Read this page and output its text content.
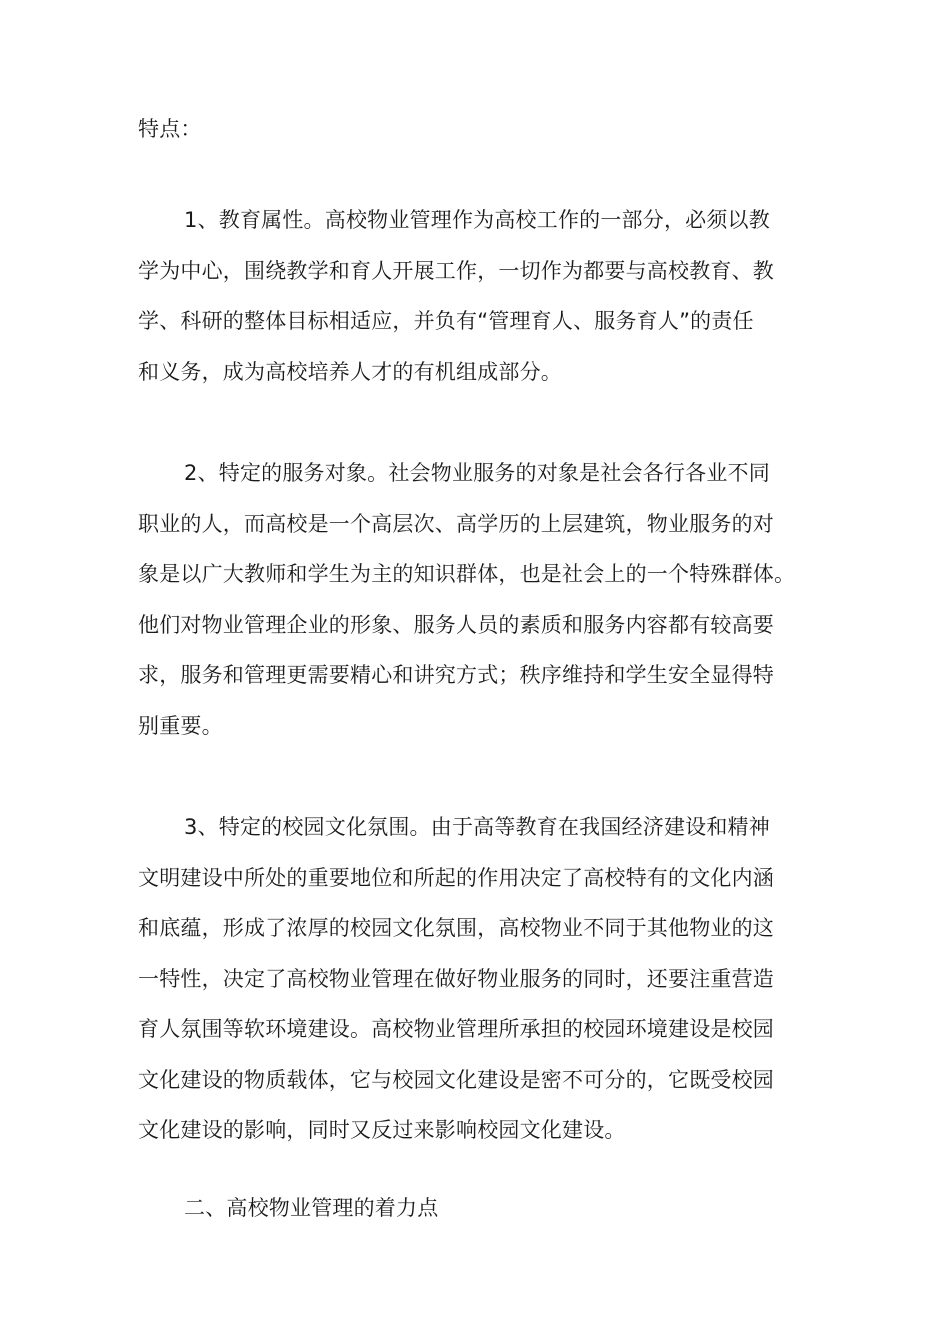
特点：
1、教育属性。高校物业管理作为高校工作的一部分，必须以教
学为中心，围绕教学和育人开展工作，一切作为都要与高校教育、教
学、科研的整体目标相适应，并负有“管理育人、服务育人”的责任
和义务，成为高校培养人才的有机组成部分。
2、特定的服务对象。社会物业服务的对象是社会各行各业不同
职业的人，而高校是一个高层次、高学历的上层建筑，物业服务的对
象是以广大教师和学生为主的知识群体，也是社会上的一个特殊群体。
他们对物业管理企业的形象、服务人员的素质和服务内容都有较高要
求，服务和管理更需要精心和讲究方式；秩序维持和学生安全显得特
别重要。
3、特定的校园文化氛围。由于高等教育在我国经济建设和精神
文明建设中所处的重要地位和所起的作用决定了高校特有的文化内涵
和底蕴，形成了浓厚的校园文化氛围，高校物业不同于其他物业的这
一特性，决定了高校物业管理在做好物业服务的同时，还要注重营造
育人氛围等软环境建设。高校物业管理所承担的校园环境建设是校园
文化建设的物质载体，它与校园文化建设是密不可分的，它既受校园
文化建设的影响，同时又反过来影响校园文化建设。
二、高校物业管理的着力点
